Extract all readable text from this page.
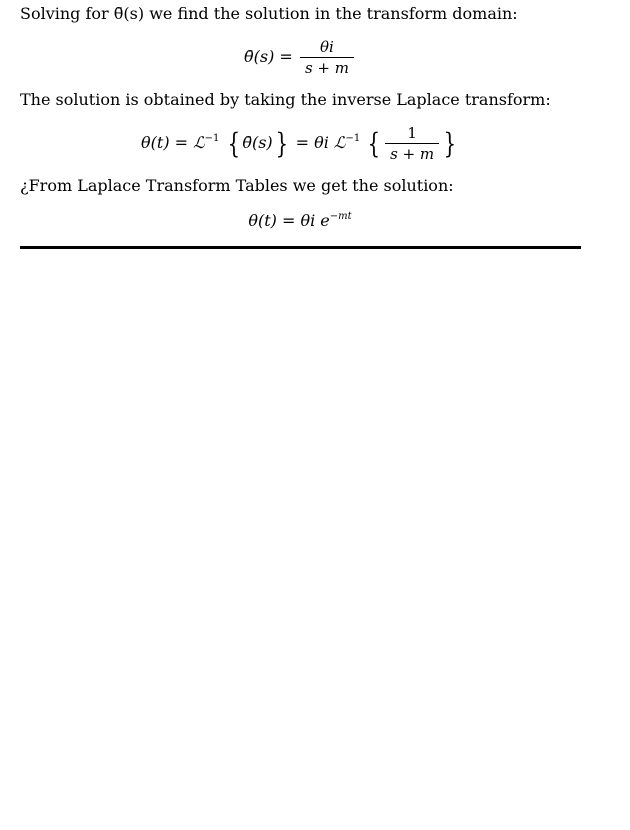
Solving for θ̄(s) we find the solution in the transform domain:
θ̄(s) = $\frac{\theta i}{s + m}$
The solution is obtained by taking the inverse Laplace transform:
θ(t) = ℒ$^{-1}$ { θ̄(s)} = θi ℒ$^{-1}$ { $\frac{1}{s + m}$ }
¿From Laplace Transform Tables we get the solution:
θ(t) = θi $e^{-mt}$
